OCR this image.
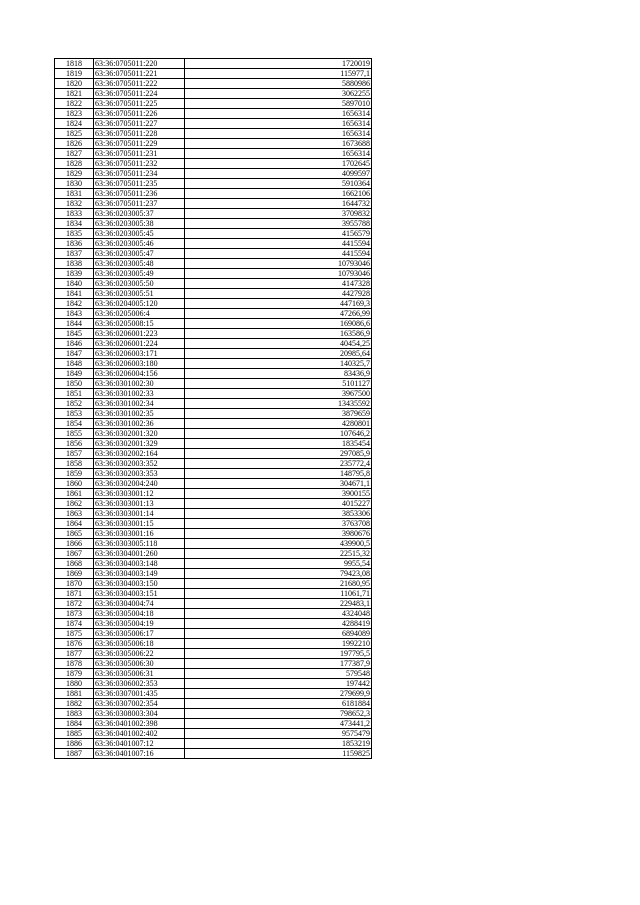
1818	63:36:0705011:220	1720019
1819	63:36:0705011:221	115977,1
1820	63:36:0705011:222	5880986
1821	63:36:0705011:224	3062255
1822	63:36:0705011:225	5897010
1823	63:36:0705011:226	1656314
1824	63:36:0705011:227	1656314
1825	63:36:0705011:228	1656314
1826	63:36:0705011:229	1673688
1827	63:36:0705011:231	1656314
1828	63:36:0705011:232	1702645
1829	63:36:0705011:234	4099597
1830	63:36:0705011:235	5910364
1831	63:36:0705011:236	1662106
1832	63:36:0705011:237	1644732
1833	63:36:0203005:37	3709832
1834	63:36:0203005:38	3955788
1835	63:36:0203005:45	4156579
1836	63:36:0203005:46	4415594
1837	63:36:0203005:47	4415594
1838	63:36:0203005:48	10793046
1839	63:36:0203005:49	10793046
1840	63:36:0203005:50	4147328
1841	63:36:0203005:51	4427928
1842	63:36:0204005:120	447169,3
1843	63:36:0205006:4	47266,99
1844	63:36:0205008:15	169086,6
1845	63:36:0206001:223	163586,9
1846	63:36:0206001:224	40454,25
1847	63:36:0206003:171	20985,64
1848	63:36:0206003:180	140325,7
1849	63:36:0206004:156	83436,9
1850	63:36:0301002:30	5101127
1851	63:36:0301002:33	3967500
1852	63:36:0301002:34	13435592
1853	63:36:0301002:35	3879659
1854	63:36:0301002:36	4280801
1855	63:36:0302001:320	107646,2
1856	63:36:0302001:329	1835454
1857	63:36:0302002:164	297085,9
1858	63:36:0302003:352	235772,4
1859	63:36:0302003:353	148795,8
1860	63:36:0302004:240	304671,1
1861	63:36:0303001:12	3900155
1862	63:36:0303001:13	4015227
1863	63:36:0303001:14	3853306
1864	63:36:0303001:15	3763708
1865	63:36:0303001:16	3980676
1866	63:36:0303005:118	439900,5
1867	63:36:0304001:260	22515,32
1868	63:36:0304003:148	9955,54
1869	63:36:0304003:149	79423,08
1870	63:36:0304003:150	21680,95
1871	63:36:0304003:151	11061,71
1872	63:36:0304004:74	229483,1
1873	63:36:0305004:18	4324048
1874	63:36:0305004:19	4288419
1875	63:36:0305006:17	6894089
1876	63:36:0305006:18	1992210
1877	63:36:0305006:22	197795,5
1878	63:36:0305006:30	177387,9
1879	63:36:0305006:31	579548
1880	63:36:0306002:353	197442
1881	63:36:0307001:435	279699,9
1882	63:36:0307002:354	6181884
1883	63:36:0308003:304	798652,3
1884	63:36:0401002:398	473441,2
1885	63:36:0401002:402	9575479
1886	63:36:0401007:12	1853219
1887	63:36:0401007:16	1159825
